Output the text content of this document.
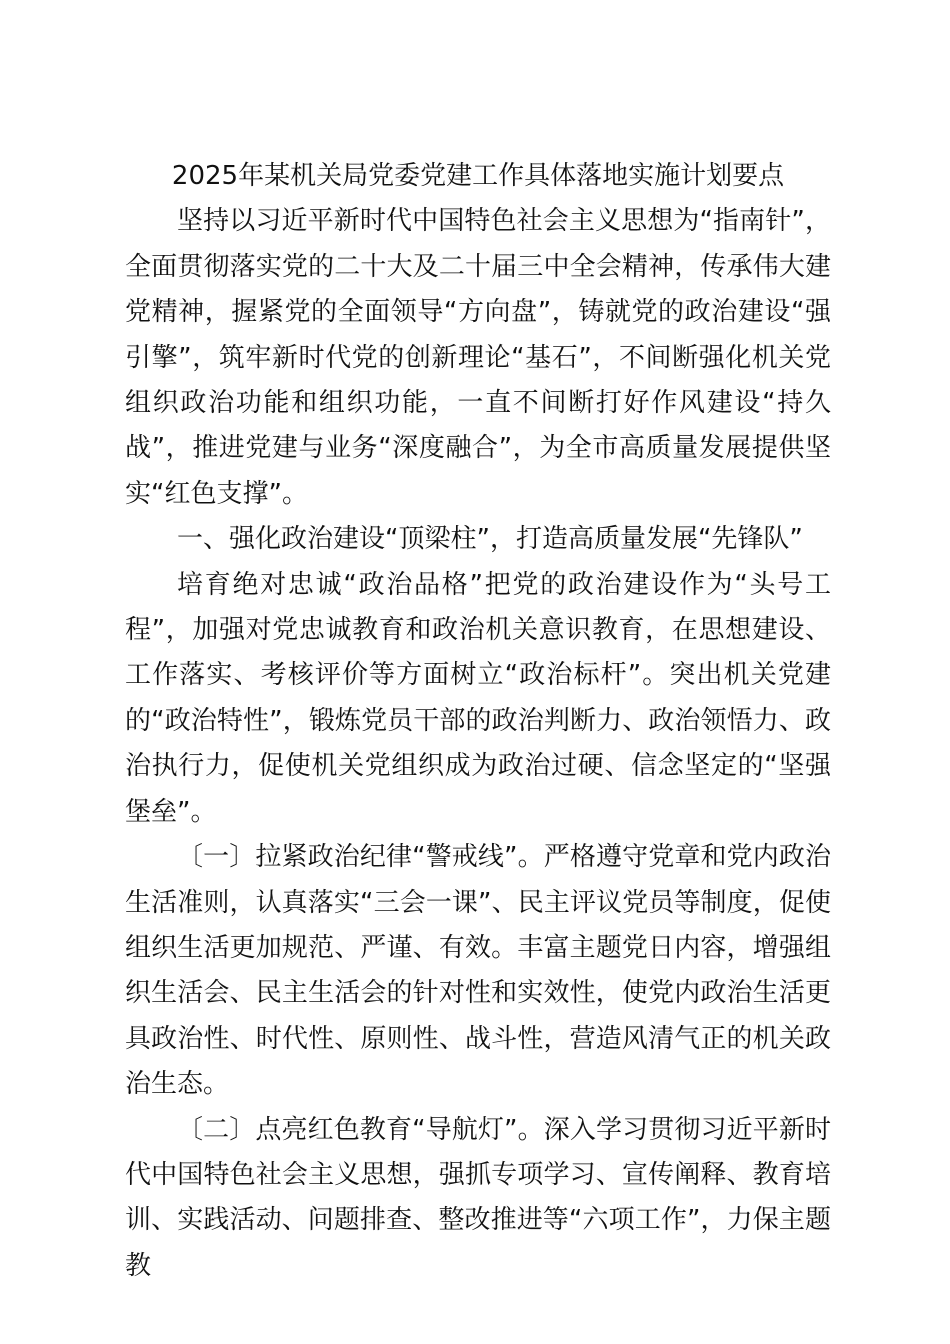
2025年某机关局党委党建工作具体落地实施计划要点

坚持以习近平新时代中国特色社会主义思想为“指南针”，全面贯彻落实党的二十大及二十届三中全会精神，传承伟大建党精神，握紧党的全面领导“方向盘”，铸就党的政治建设“强引擎”，筑牢新时代党的创新理论“基石”，不间断强化机关党组织政治功能和组织功能，一直不间断打好作风建设“持久战”，推进党建与业务“深度融合”，为全市高质量发展提供坚实“红色支撑”。

一、强化政治建设“顶梁柱”，打造高质量发展“先锋队”

培育绝对忠诚“政治品格”把党的政治建设作为“头号工程”，加强对党忠诚教育和政治机关意识教育，在思想建设、工作落实、考核评价等方面树立“政治标杆”。突出机关党建的“政治特性”，锻炼党员干部的政治判断力、政治领悟力、政治执行力，促使机关党组织成为政治过硬、信念坚定的“坚强堡垒”。

〔一〕拉紧政治纪律“警戒线”。严格遵守党章和党内政治生活准则，认真落实“三会一课”、民主评议党员等制度，促使组织生活更加规范、严谨、有效。丰富主题党日内容，增强组织生活会、民主生活会的针对性和实效性，使党内政治生活更具政治性、时代性、原则性、战斗性，营造风清气正的机关政治生态。

〔二〕点亮红色教育“导航灯”。深入学习贯彻习近平新时代中国特色社会主义思想，强抓专项学习、宣传阐释、教育培训、实践活动、问题排查、整改推进等“六项工作”，力保主题教
